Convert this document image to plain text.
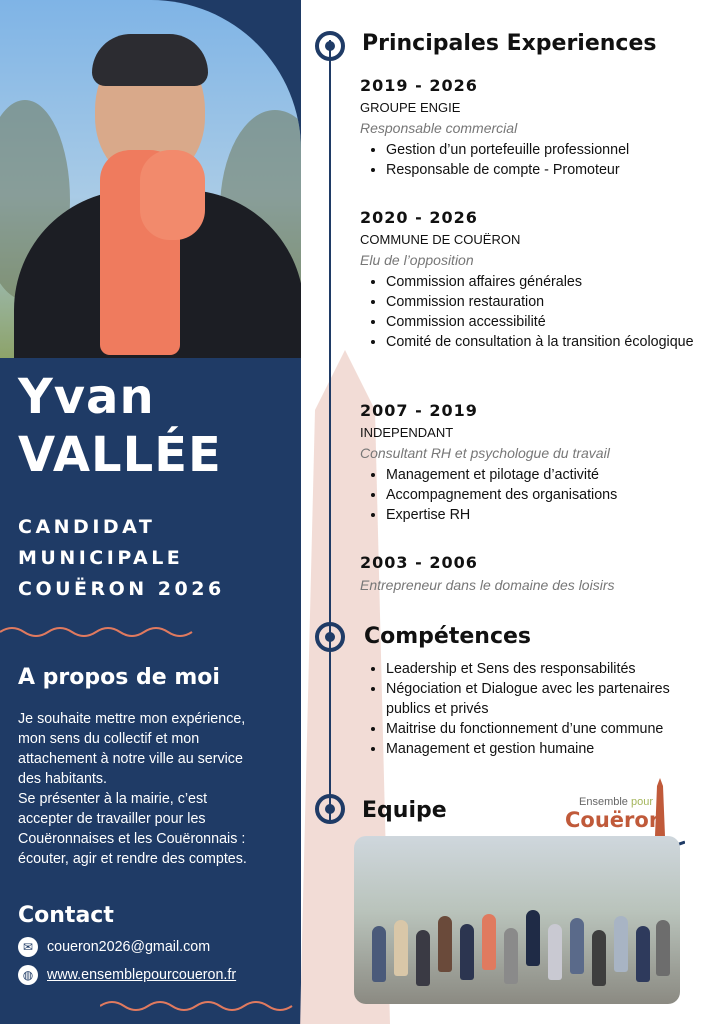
Yvan
VALLÉE

CANDIDAT
MUNICIPALE
COUËRON 2026

A propos de moi

Je souhaite mettre mon expérience,
mon sens du collectif et mon
attachement à notre ville au service
des habitants.
Se présenter à la mairie, c’est
accepter de travailler pour les
Couëronnaises et les Couëronnais :
écouter, agir et rendre des comptes.

Contact
✉ coueron2026@gmail.com
◍ www.ensemblepourcoueron.fr
Principales Experiences

2019 - 2026

GROUPE ENGIE

Responsable commercial

• Gestion d’un portefeuille professionnel
• Responsable de compte - Promoteur

2020 - 2026

COMMUNE DE COUËRON

Elu de l’opposition

• Commission affaires générales
• Commission restauration
• Commission accessibilité
• Comité de consultation à la transition écologique

2007 - 2019

INDEPENDANT

Consultant RH et psychologue du travail

• Management et pilotage d’activité
• Accompagnement des organisations
• Expertise RH

2003 - 2006

Entrepreneur dans le domaine des loisirs

Compétences
• Leadership et Sens des responsabilités
• Négociation et Dialogue avec les partenaires publics et privés
• Maitrise du fonctionnement d’une commune
• Management et gestion humaine
Equipe	Ensemble pour
Couëron
